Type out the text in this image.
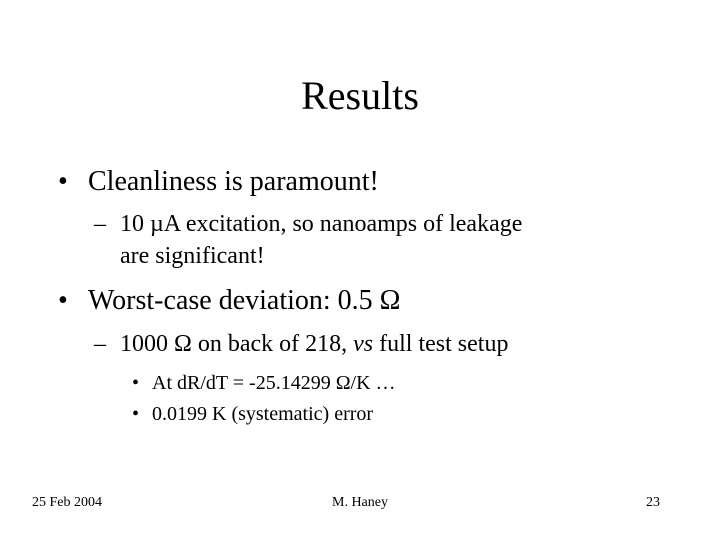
Results
• Cleanliness is paramount!
– 10 µA excitation, so nanoamps of leakage
are significant!
• Worst-case deviation: 0.5 Ω
– 1000 Ω on back of 218, vs full test setup
• At dR/dT = -25.14299 Ω/K …
• 0.0199 K (systematic) error
25 Feb 2004	M. Haney	23
